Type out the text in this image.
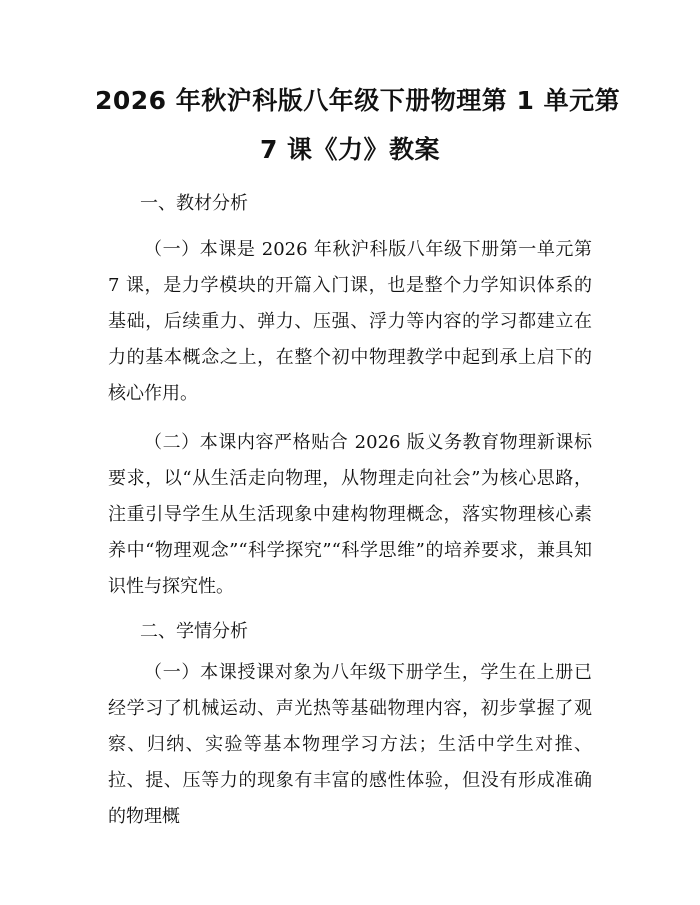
2026 年秋沪科版八年级下册物理第 1 单元第
7 课《力》教案
一、教材分析

（一）本课是 2026 年秋沪科版八年级下册第一单元第 7 课，是力学模块的开篇入门课，也是整个力学知识体系的基础，后续重力、弹力、压强、浮力等内容的学习都建立在力的基本概念之上，在整个初中物理教学中起到承上启下的核心作用。

（二）本课内容严格贴合 2026 版义务教育物理新课标要求，以“从生活走向物理，从物理走向社会”为核心思路，注重引导学生从生活现象中建构物理概念，落实物理核心素养中“物理观念”“科学探究”“科学思维”的培养要求，兼具知识性与探究性。

二、学情分析

（一）本课授课对象为八年级下册学生，学生在上册已经学习了机械运动、声光热等基础物理内容，初步掌握了观察、归纳、实验等基本物理学习方法；生活中学生对推、拉、提、压等力的现象有丰富的感性体验，但没有形成准确的物理概
